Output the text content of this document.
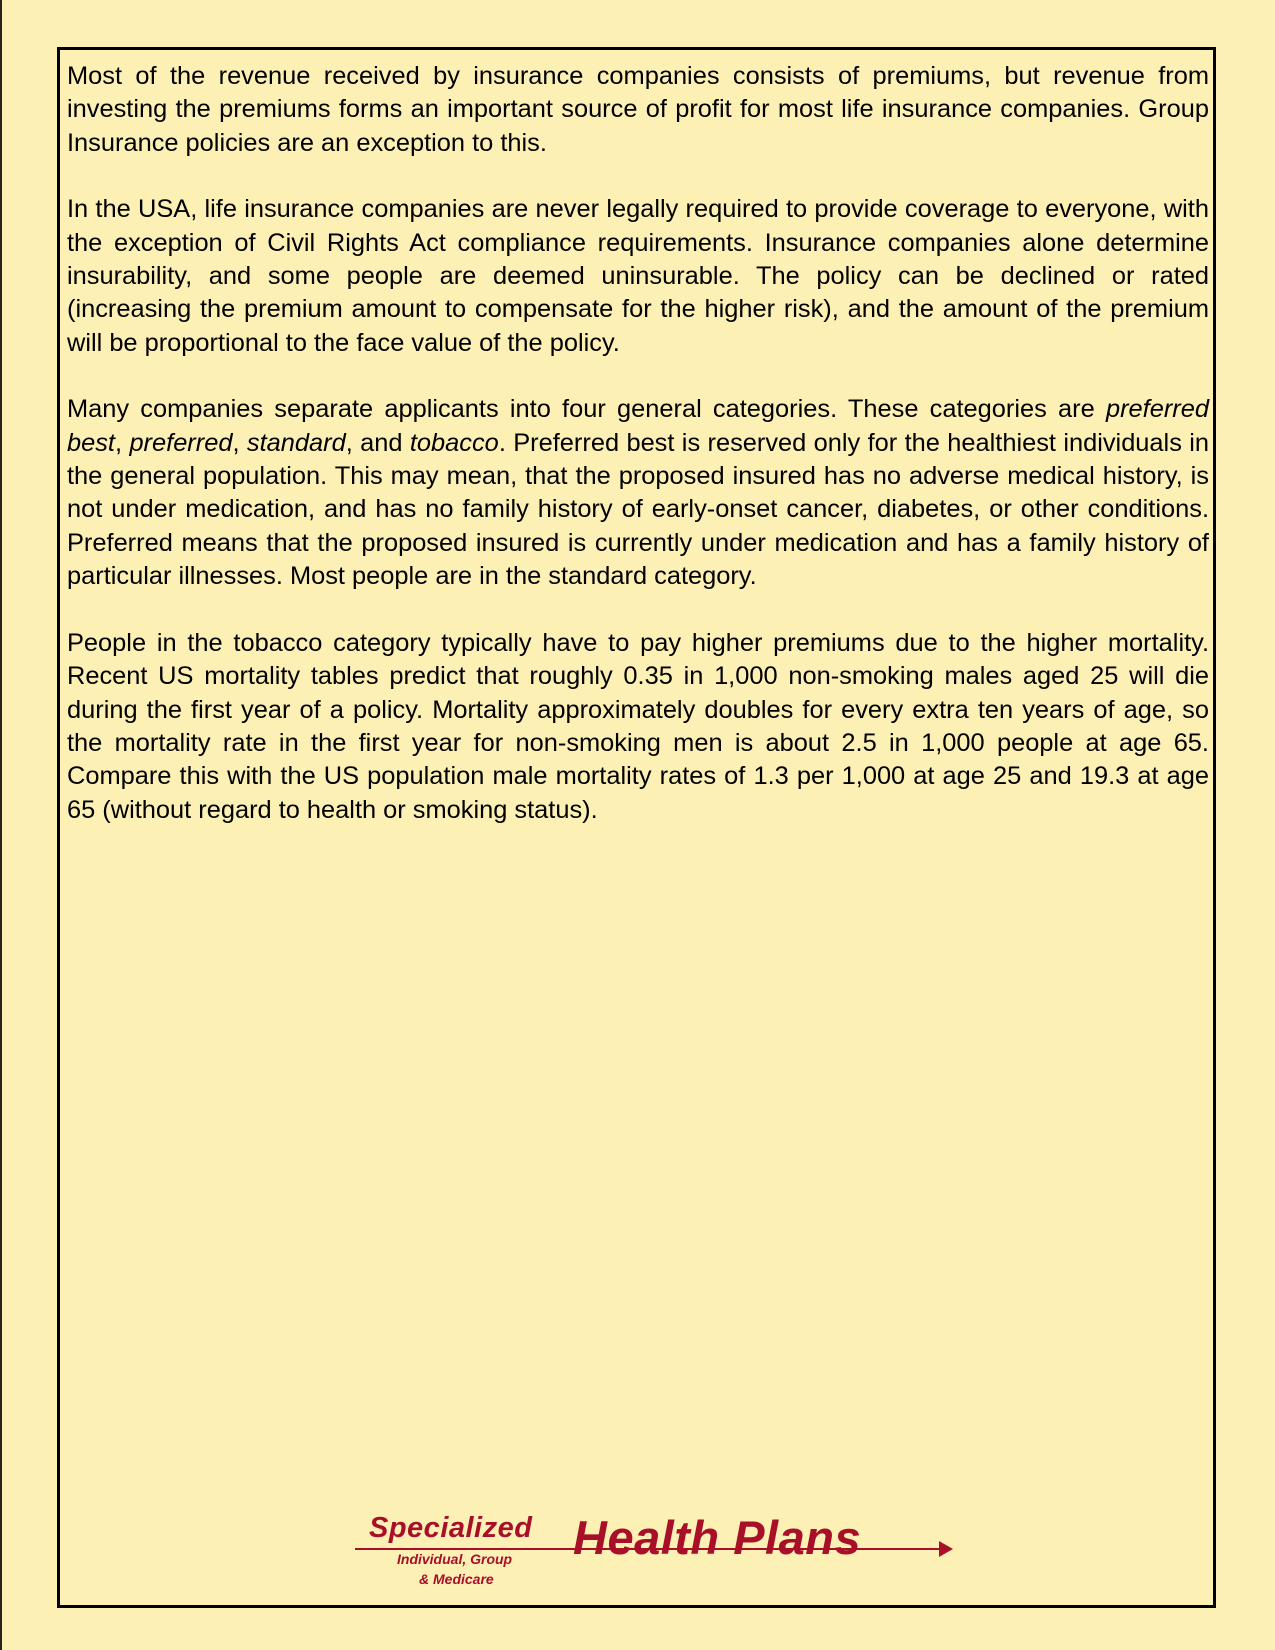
Most of the revenue received by insurance companies consists of premiums, but revenue from investing the premiums forms an important source of profit for most life insurance companies. Group Insurance policies are an exception to this.

In the USA, life insurance companies are never legally required to provide coverage to everyone, with the exception of Civil Rights Act compliance requirements. Insurance companies alone determine insurability, and some people are deemed uninsurable. The policy can be declined or rated (increasing the premium amount to compensate for the higher risk), and the amount of the premium will be proportional to the face value of the policy.

Many companies separate applicants into four general categories. These categories are preferred best, preferred, standard, and tobacco. Preferred best is reserved only for the healthiest individuals in the general population. This may mean, that the proposed insured has no adverse medical history, is not under medication, and has no family history of early-onset cancer, diabetes, or other conditions. Preferred means that the proposed insured is currently under medication and has a family history of particular illnesses. Most people are in the standard category.

People in the tobacco category typically have to pay higher premiums due to the higher mortality. Recent US mortality tables predict that roughly 0.35 in 1,000 non-smoking males aged 25 will die during the first year of a policy. Mortality approximately doubles for every extra ten years of age, so the mortality rate in the first year for non-smoking men is about 2.5 in 1,000 people at age 65. Compare this with the US population male mortality rates of 1.3 per 1,000 at age 25 and 19.3 at age 65 (without regard to health or smoking status).

Specialized
Individual, Group
& Medicare
Health Plans
